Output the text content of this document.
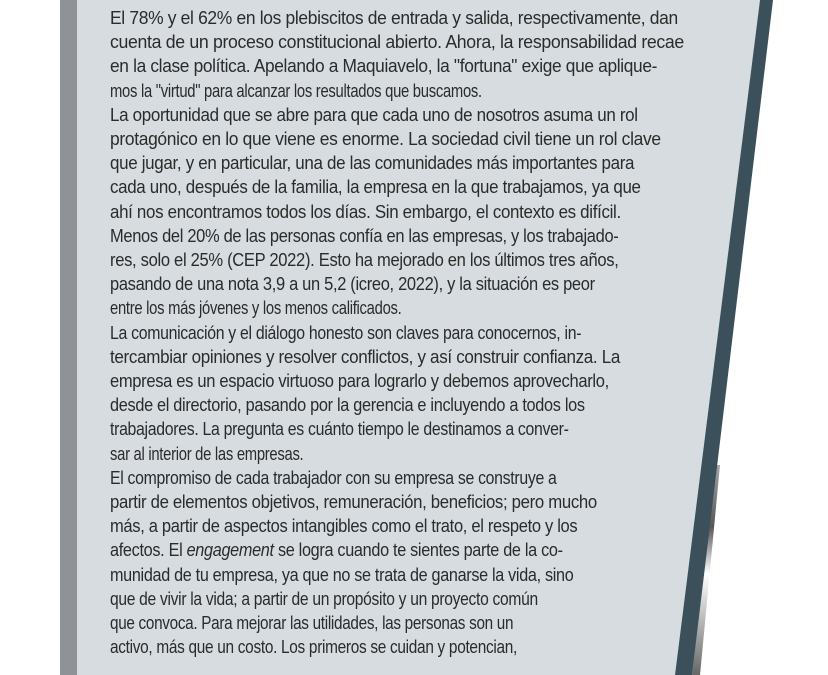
El 78% y el 62% en los plebiscitos de entrada y salida, respectivamente, dan
cuenta de un proceso constitucional abierto. Ahora, la responsabilidad recae
en la clase política. Apelando a Maquiavelo, la "fortuna" exige que aplique-
mos la "virtud" para alcanzar los resultados que buscamos.
La oportunidad que se abre para que cada uno de nosotros asuma un rol
protagónico en lo que viene es enorme. La sociedad civil tiene un rol clave
que jugar, y en particular, una de las comunidades más importantes para
cada uno, después de la familia, la empresa en la que trabajamos, ya que
ahí nos encontramos todos los días. Sin embargo, el contexto es difícil.
Menos del 20% de las personas confía en las empresas, y los trabajado-
res, solo el 25% (CEP 2022). Esto ha mejorado en los últimos tres años,
pasando de una nota 3,9 a un 5,2 (icreo, 2022), y la situación es peor
entre los más jóvenes y los menos calificados.
La comunicación y el diálogo honesto son claves para conocernos, in-
tercambiar opiniones y resolver conflictos, y así construir confianza. La
empresa es un espacio virtuoso para lograrlo y debemos aprovecharlo,
desde el directorio, pasando por la gerencia e incluyendo a todos los
trabajadores. La pregunta es cuánto tiempo le destinamos a conver-
sar al interior de las empresas.
El compromiso de cada trabajador con su empresa se construye a
partir de elementos objetivos, remuneración, beneficios; pero mucho
más, a partir de aspectos intangibles como el trato, el respeto y los
afectos. El engagement se logra cuando te sientes parte de la co-
munidad de tu empresa, ya que no se trata de ganarse la vida, sino
que de vivir la vida; a partir de un propósito y un proyecto común
que convoca. Para mejorar las utilidades, las personas son un
activo, más que un costo. Los primeros se cuidan y potencian,
